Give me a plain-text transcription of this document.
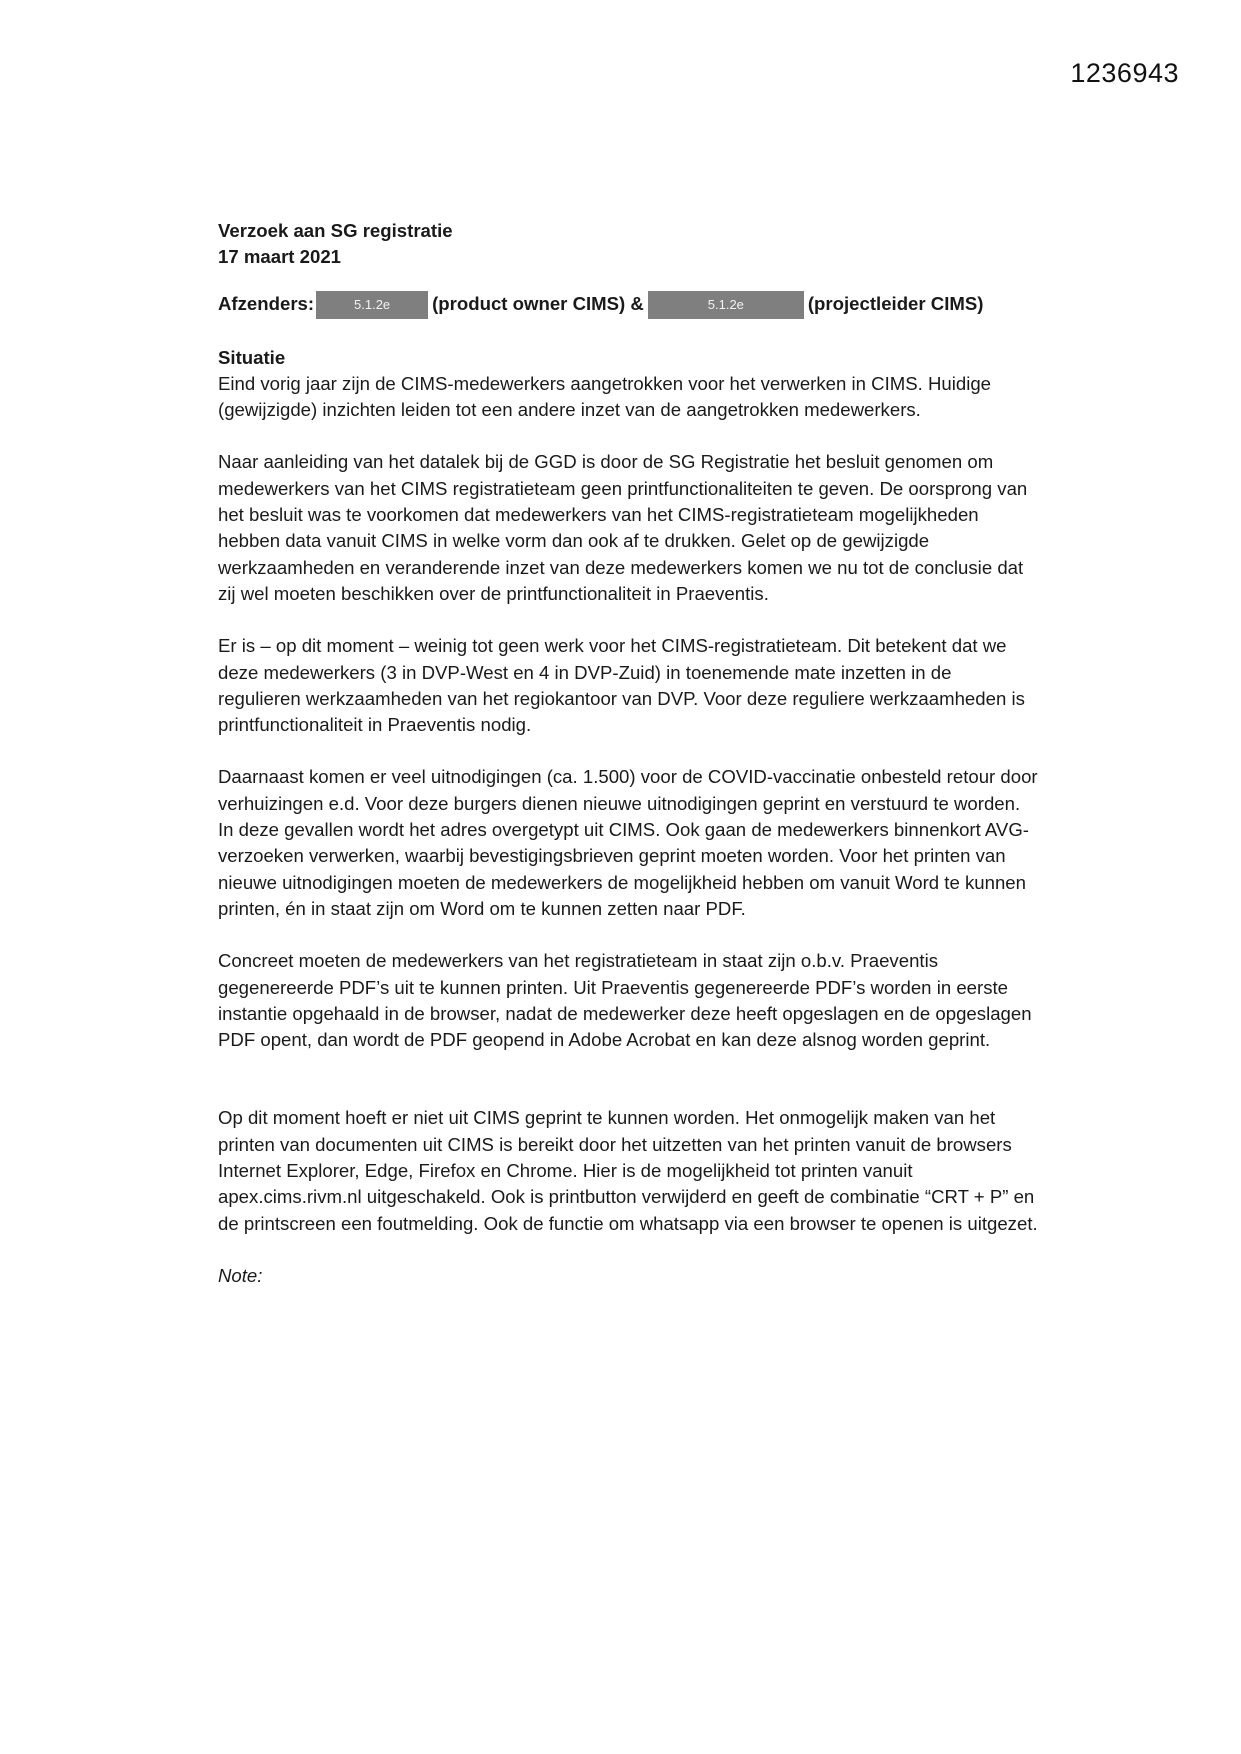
1236943
Verzoek aan SG registratie
17 maart 2021
Afzenders:	5.1.2e	(product owner CIMS) &	5.1.2e	(projectleider CIMS)
Situatie

Eind vorig jaar zijn de CIMS-medewerkers aangetrokken voor het verwerken in CIMS. Huidige (gewijzigde) inzichten leiden tot een andere inzet van de aangetrokken medewerkers.

Naar aanleiding van het datalek bij de GGD is door de SG Registratie het besluit genomen om medewerkers van het CIMS registratieteam geen printfunctionaliteiten te geven. De oorsprong van het besluit was te voorkomen dat medewerkers van het CIMS-registratieteam mogelijkheden hebben data vanuit CIMS in welke vorm dan ook af te drukken. Gelet op de gewijzigde werkzaamheden en veranderende inzet van deze medewerkers komen we nu tot de conclusie dat zij wel moeten beschikken over de printfunctionaliteit in Praeventis.

Er is – op dit moment – weinig tot geen werk voor het CIMS-registratieteam. Dit betekent dat we deze medewerkers (3 in DVP-West en 4 in DVP-Zuid) in toenemende mate inzetten in de regulieren werkzaamheden van het regiokantoor van DVP. Voor deze reguliere werkzaamheden is printfunctionaliteit in Praeventis nodig.

Daarnaast komen er veel uitnodigingen (ca. 1.500) voor de COVID-vaccinatie onbesteld retour door verhuizingen e.d. Voor deze burgers dienen nieuwe uitnodigingen geprint en verstuurd te worden. In deze gevallen wordt het adres overgetypt uit CIMS. Ook gaan de medewerkers binnenkort AVG-verzoeken verwerken, waarbij bevestigingsbrieven geprint moeten worden. Voor het printen van nieuwe uitnodigingen moeten de medewerkers de mogelijkheid hebben om vanuit Word te kunnen printen, én in staat zijn om Word om te kunnen zetten naar PDF.

Concreet moeten de medewerkers van het registratieteam in staat zijn o.b.v. Praeventis gegenereerde PDF’s uit te kunnen printen. Uit Praeventis gegenereerde PDF’s worden in eerste instantie opgehaald in de browser, nadat de medewerker deze heeft opgeslagen en de opgeslagen PDF opent, dan wordt de PDF geopend in Adobe Acrobat en kan deze alsnog worden geprint.

Op dit moment hoeft er niet uit CIMS geprint te kunnen worden. Het onmogelijk maken van het printen van documenten uit CIMS is bereikt door het uitzetten van het printen vanuit de browsers Internet Explorer, Edge, Firefox en Chrome. Hier is de mogelijkheid tot printen vanuit apex.cims.rivm.nl uitgeschakeld. Ook is printbutton verwijderd en geeft de combinatie “CRT + P” en de printscreen een foutmelding. Ook de functie om whatsapp via een browser te openen is uitgezet.

Note:
